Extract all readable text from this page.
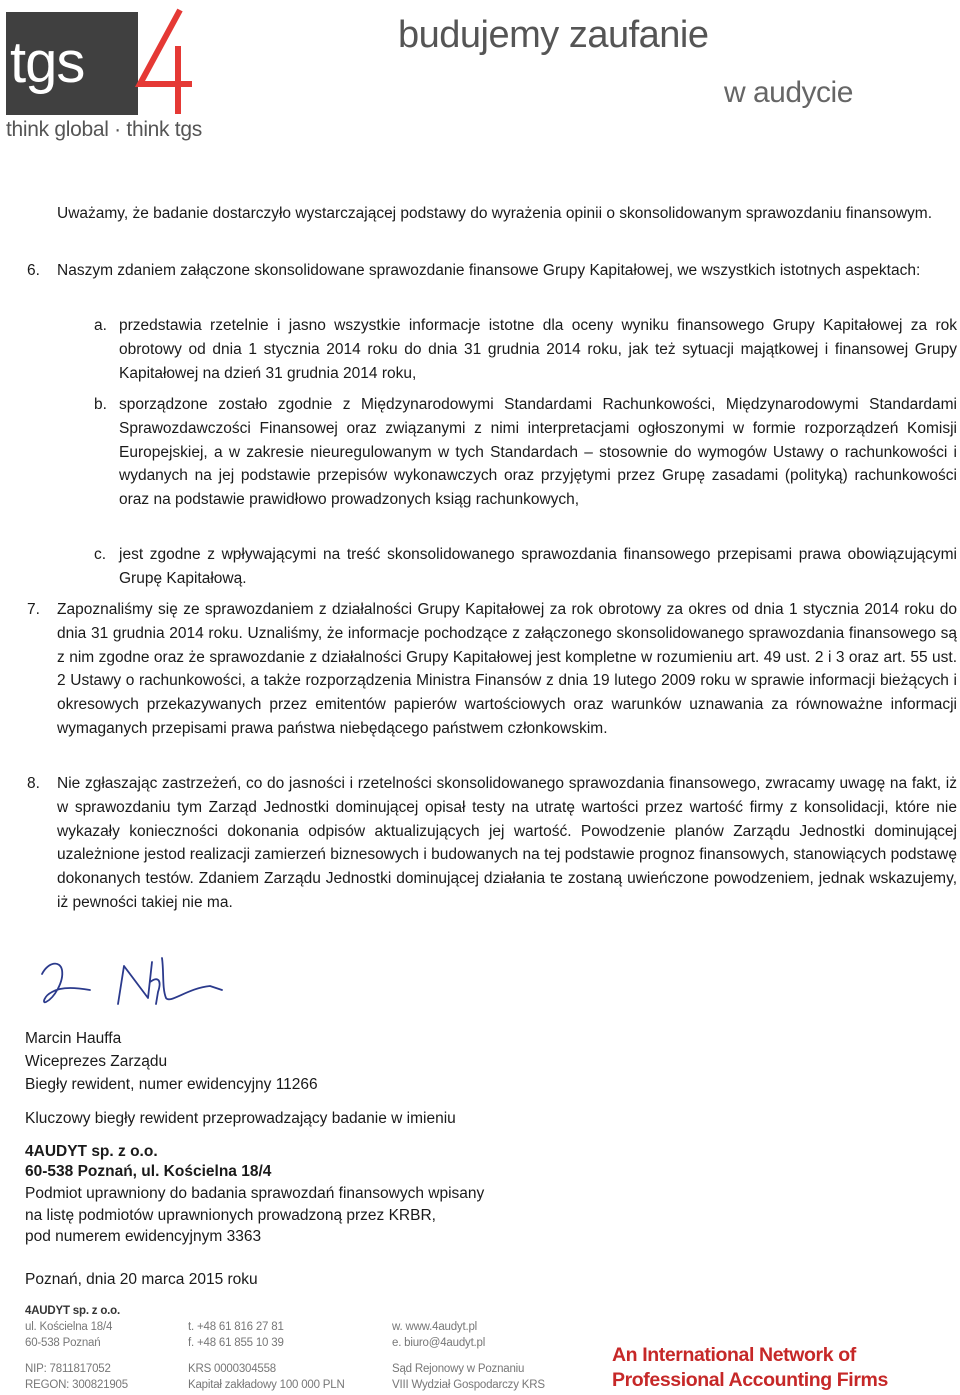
tgs
think global · think tgs
budujemy zaufanie
w audycie
Uważamy, że badanie dostarczyło wystarczającej podstawy do wyrażenia opinii o skonsolidowanym sprawozdaniu finansowym.
6. Naszym zdaniem załączone skonsolidowane sprawozdanie finansowe Grupy Kapitałowej, we wszystkich istotnych aspektach:
a. przedstawia rzetelnie i jasno wszystkie informacje istotne dla oceny wyniku finansowego Grupy Kapitałowej za rok obrotowy od dnia 1 stycznia 2014 roku do dnia 31 grudnia 2014 roku, jak też sytuacji majątkowej i finansowej Grupy Kapitałowej na dzień 31 grudnia 2014 roku,
b. sporządzone zostało zgodnie z Międzynarodowymi Standardami Rachunkowości, Międzynarodowymi Standardami Sprawozdawczości Finansowej oraz związanymi z nimi interpretacjami ogłoszonymi w formie rozporządzeń Komisji Europejskiej, a w zakresie nieuregulowanym w tych Standardach – stosownie do wymogów Ustawy o rachunkowości i wydanych na jej podstawie przepisów wykonawczych oraz przyjętymi przez Grupę zasadami (polityką) rachunkowości oraz na podstawie prawidłowo prowadzonych ksiąg rachunkowych,
c. jest zgodne z wpływającymi na treść skonsolidowanego sprawozdania finansowego przepisami prawa obowiązującymi Grupę Kapitałową.
7. Zapoznaliśmy się ze sprawozdaniem z działalności Grupy Kapitałowej za rok obrotowy za okres od dnia 1 stycznia 2014 roku do dnia 31 grudnia 2014 roku. Uznaliśmy, że informacje pochodzące z załączonego skonsolidowanego sprawozdania finansowego są z nim zgodne oraz że sprawozdanie z działalności Grupy Kapitałowej jest kompletne w rozumieniu art. 49 ust. 2 i 3 oraz art. 55 ust. 2 Ustawy o rachunkowości, a także rozporządzenia Ministra Finansów z dnia 19 lutego 2009 roku w sprawie informacji bieżących i okresowych przekazywanych przez emitentów papierów wartościowych oraz warunków uznawania za równoważne informacji wymaganych przepisami prawa państwa niebędącego państwem członkowskim.
8. Nie zgłaszając zastrzeżeń, co do jasności i rzetelności skonsolidowanego sprawozdania finansowego, zwracamy uwagę na fakt, iż w sprawozdaniu tym Zarząd Jednostki dominującej opisał testy na utratę wartości przez wartość firmy z konsolidacji, które nie wykazały konieczności dokonania odpisów aktualizujących jej wartość. Powodzenie planów Zarządu Jednostki dominującej uzależnione jestod realizacji zamierzeń biznesowych i budowanych na tej podstawie prognoz finansowych, stanowiących podstawę dokonanych testów. Zdaniem Zarządu Jednostki dominującej działania te zostaną uwieńczone powodzeniem, jednak wskazujemy, iż pewności takiej nie ma.
Marcin Hauffa
Wiceprezes Zarządu
Biegły rewident, numer ewidencyjny 11266
Kluczowy biegły rewident przeprowadzający badanie w imieniu
4AUDYT sp. z o.o.
60-538 Poznań, ul. Kościelna 18/4
Podmiot uprawniony do badania sprawozdań finansowych wpisany
na listę podmiotów uprawnionych prowadzoną przez KRBR,
pod numerem ewidencyjnym 3363
Poznań, dnia 20 marca 2015 roku
4AUDYT sp. z o.o.
ul. Kościelna 18/4
60-538 Poznań
NIP: 7811817052
REGON: 300821905
t. +48 61 816 27 81
f. +48 61 855 10 39
KRS 0000304558
Kapitał zakładowy 100 000 PLN
w. www.4audyt.pl
e. biuro@4audyt.pl
Sąd Rejonowy w Poznaniu
VIII Wydział Gospodarczy KRS
An International Network of
Professional Accounting Firms
